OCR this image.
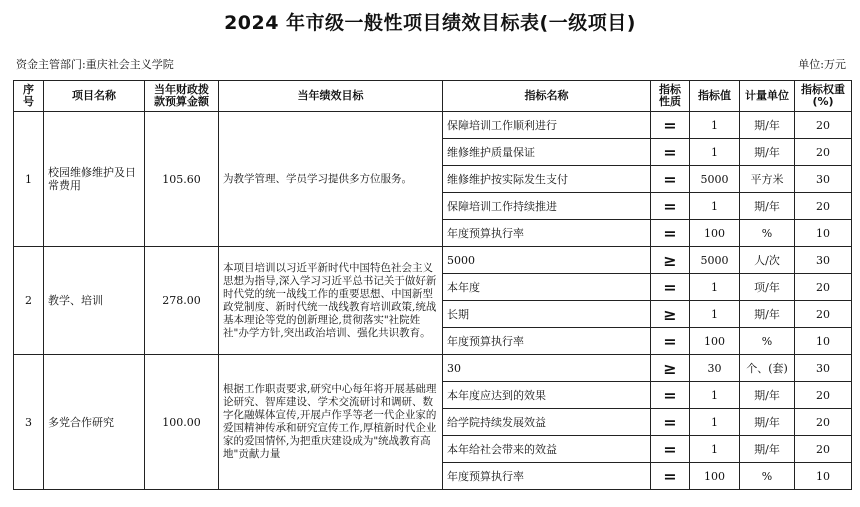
2024 年市级一般性项目绩效目标表(一级项目)
资金主管部门:重庆社会主义学院	单位:万元
序号	项目名称	当年财政拨款预算金额	当年绩效目标	指标名称	指标性质	指标值	计量单位	指标权重(%)
1	校园维修维护及日常费用	105.60	为教学管理、学员学习提供多方位服务。	保障培训工作顺利进行	=	1	期/年	20
				维修维护质量保证	=	1	期/年	20
				维修维护按实际发生支付	=	5000	平方米	30
				保障培训工作持续推进	=	1	期/年	20
				年度预算执行率	=	100	%	10
2	教学、培训	278.00	本项目培训以习近平新时代中国特色社会主义思想为指导,深入学习习近平总书记关于做好新时代党的统一战线工作的重要思想、中国新型政党制度、新时代统一战线教育培训政策,统战基本理论等党的创新理论,贯彻落实"社院姓社"办学方针,突出政治培训、强化共识教育。	5000	≥	5000	人/次	30
				本年度	=	1	项/年	20
				长期	≥	1	期/年	20
				年度预算执行率	=	100	%	10
3	多党合作研究	100.00	根据工作职责要求,研究中心每年将开展基础理论研究、智库建设、学术交流研讨和调研、数字化融媒体宣传,开展卢作孚等老一代企业家的爱国精神传承和研究宣传工作,厚植新时代企业家的爱国情怀,为把重庆建设成为"统战教育高地"贡献力量	30	≥	30	个、(套)	30
				本年度应达到的效果	=	1	期/年	20
				给学院持续发展效益	=	1	期/年	20
				本年给社会带来的效益	=	1	期/年	20
				年度预算执行率	=	100	%	10
